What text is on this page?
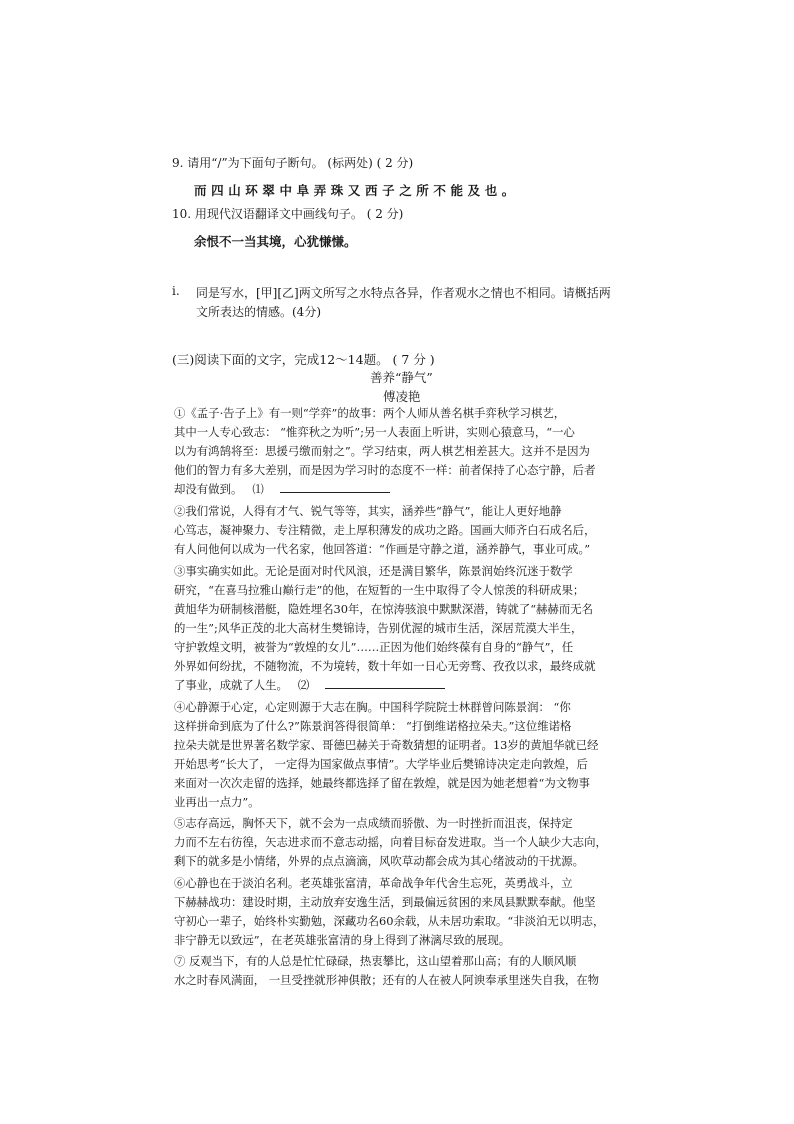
9. 请用“/”为下面句子断句。 (标两处) ( 2 分)
而四山环翠中阜弄珠又西子之所不能及也。
10. 用现代汉语翻译文中画线句子。 ( 2 分)
余恨不一当其境，心犹慊慊。
i. 同是写水，[甲][乙]两文所写之水特点各异，作者观水之情也不相同。请概括两
文所表达的情感。(4分)
(三)阅读下面的文字，完成12～14题。 ( 7 分 )
善养“静气”
傅凌艳

①《孟子·告子上》有一则“学弈”的故事：两个人师从善名棋手弈秋学习棋艺，

其中一人专心致志： “惟弈秋之为听”;另一人表面上听讲，实则心猿意马，“一心

以为有鸿鹄将至：思援弓缴而射之”。学习结束，两人棋艺相差甚大。这并不是因为

他们的智力有多大差别，而是因为学习时的态度不一样：前者保持了心态宁静，后者

却没有做到。 ⑴

②我们常说，人得有才气、锐气等等，其实，涵养些“静气”，能让人更好地静

心笃志，凝神聚力、专注精微，走上厚积薄发的成功之路。国画大师齐白石成名后，

有人问他何以成为一代名家，他回答道：“作画是守静之道，涵养静气，事业可成。”

③事实确实如此。无论是面对时代风浪，还是满目繁华，陈景润始终沉迷于数学

研究，“在喜马拉雅山巅行走”的他，在短暂的一生中取得了令人惊羡的科研成果；

黄旭华为研制核潜艇，隐姓埋名30年，在惊涛骇浪中默默深潜，铸就了“赫赫而无名

的一生”;风华正茂的北大高材生樊锦诗，告别优渥的城市生活，深居荒漠大半生，

守护敦煌文明，被誉为“敦煌的女儿”……正因为他们始终葆有自身的“静气”，任

外界如何纷扰，不随物流，不为境转，数十年如一日心无旁骛、孜孜以求，最终成就

了事业，成就了人生。 ⑵

④心静源于心定，心定则源于大志在胸。中国科学院院士林群曾问陈景润： “你

这样拼命到底为了什么?”陈景润答得很简单： “打倒维诺格拉朵夫。”这位维诺格

拉朵夫就是世界著名数学家、哥德巴赫关于奇数猜想的证明者。13岁的黄旭华就已经

开始思考“长大了， 一定得为国家做点事情”。大学毕业后樊锦诗决定走向敦煌，后

来面对一次次走留的选择，她最终都选择了留在敦煌，就是因为她老想着“为文物事

业再出一点力”。

⑤志存高远，胸怀天下，就不会为一点成绩而骄傲、为一时挫折而沮丧，保持定

力而不左右彷徨，矢志进求而不意志动摇，向着目标奋发进取。当一个人缺少大志向，

剩下的就多是小情绪，外界的点点滴滴，风吹草动都会成为其心绪波动的干扰源。

⑥心静也在于淡泊名利。老英雄张富清，革命战争年代舍生忘死，英勇战斗，立

下赫赫战功：建设时期，主动放弃安逸生活，到最偏远贫困的来凤县默默奉献。他坚

守初心一辈子，始终朴实勤勉，深藏功名60余载，从未居功索取。“非淡泊无以明志，

非宁静无以致远”，在老英雄张富清的身上得到了淋漓尽致的展现。

⑦ 反观当下，有的人总是忙忙碌碌，热衷攀比，这山望着那山高；有的人顺风顺

水之时春风满面， 一旦受挫就形神俱散；还有的人在被人阿谀奉承里迷失自我，在物
